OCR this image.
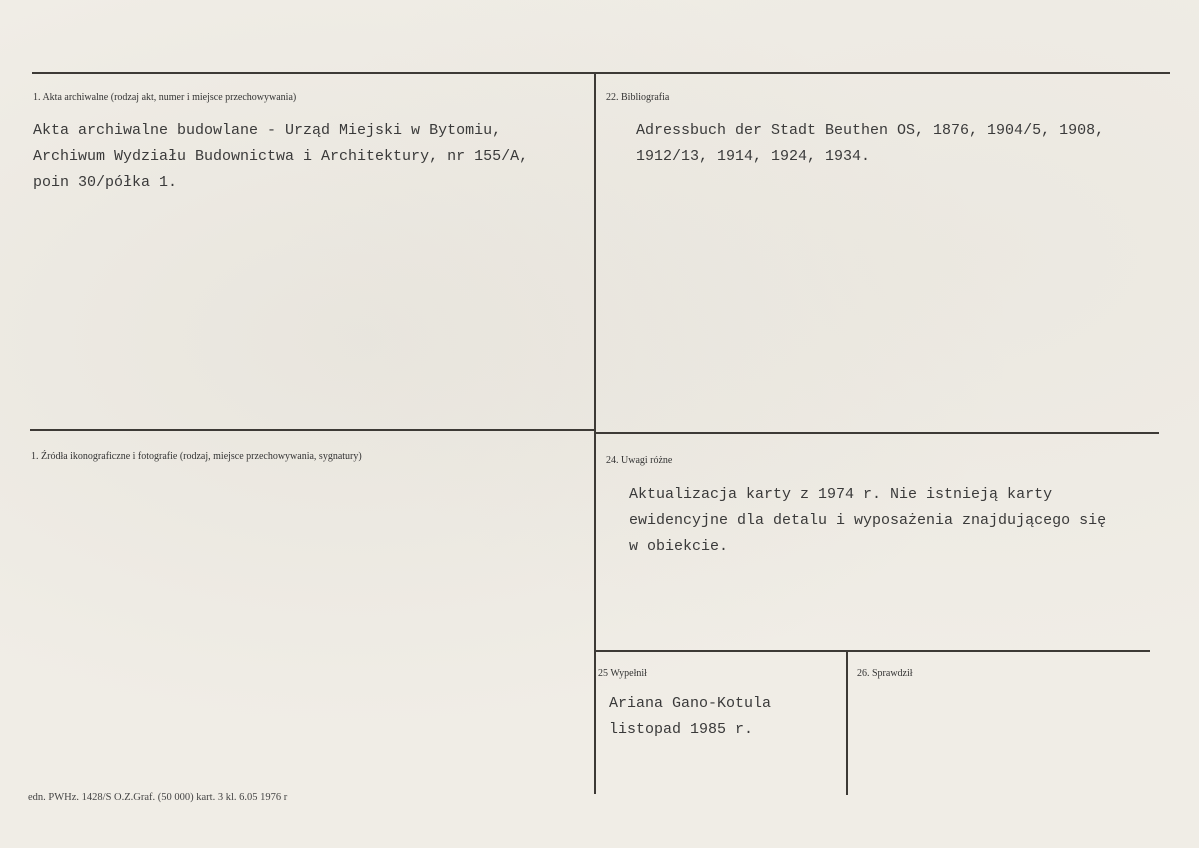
1. Akta archiwalne (rodzaj akt, numer i miejsce przechowywania)
Akta archiwalne budowlane - Urząd Miejski w Bytomiu,
Archiwum Wydziału Budownictwa i Architektury, nr 155/A,
poin 30/półka 1.
22. Bibliografia
Adressbuch der Stadt Beuthen OS, 1876, 1904/5, 1908,
1912/13, 1914, 1924, 1934.
1. Źródła ikonograficzne i fotografie (rodzaj, miejsce przechowywania, sygnatury)	24. Uwagi różne
Aktualizacja karty z 1974 r. Nie istnieją karty
ewidencyjne dla detalu i wyposażenia znajdującego się
w obiekcie.
25 Wypełnił
Ariana Gano-Kotula
listopad 1985 r.
26. Sprawdził
edn. PWHz. 1428/S O.Z.Graf. (50 000) kart. 3 kl. 6.05 1976 r
